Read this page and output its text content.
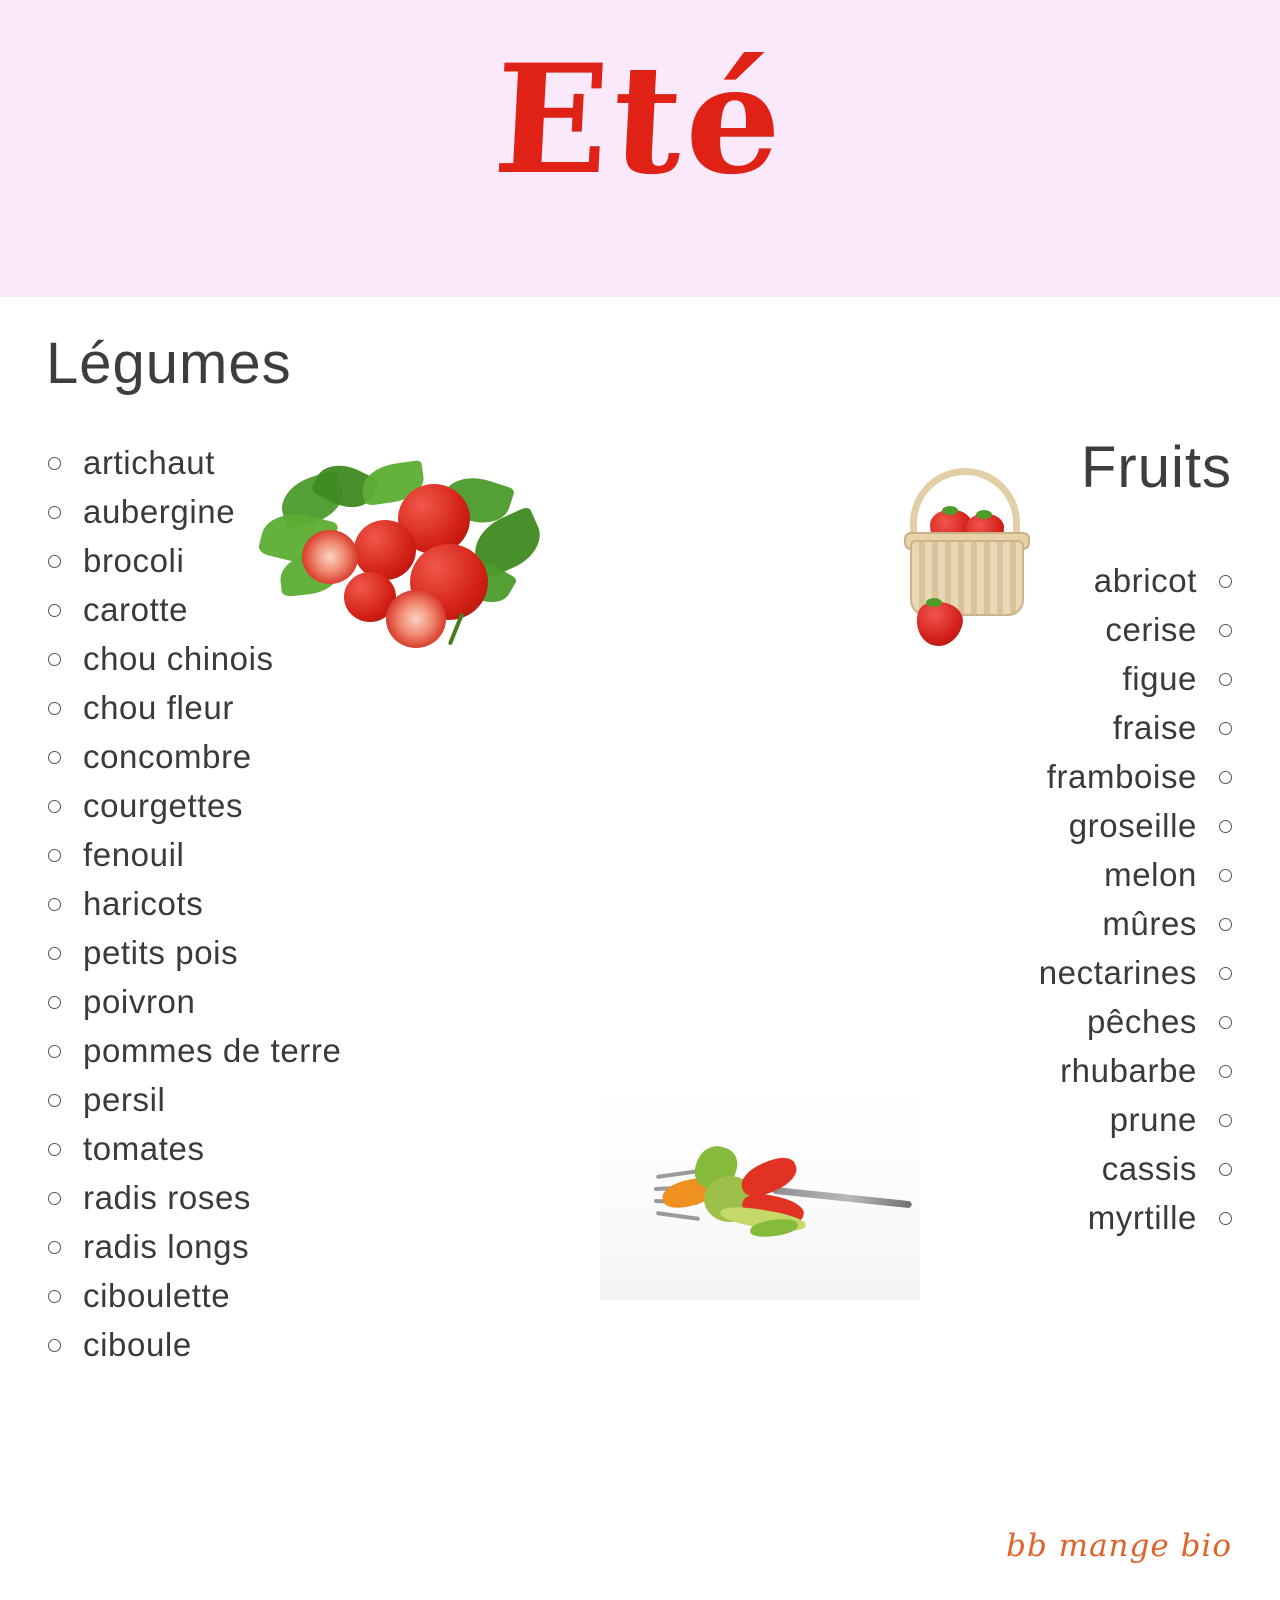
Eté
Légumes
artichaut
aubergine
brocoli
carotte
chou chinois
chou fleur
concombre
courgettes
fenouil
haricots
petits pois
poivron
pommes de terre
persil
tomates
radis roses
radis longs
ciboulette
ciboule
Fruits
abricot
cerise
figue
fraise
framboise
groseille
melon
mûres
nectarines
pêches
rhubarbe
prune
cassis
myrtille
bb mange bio
